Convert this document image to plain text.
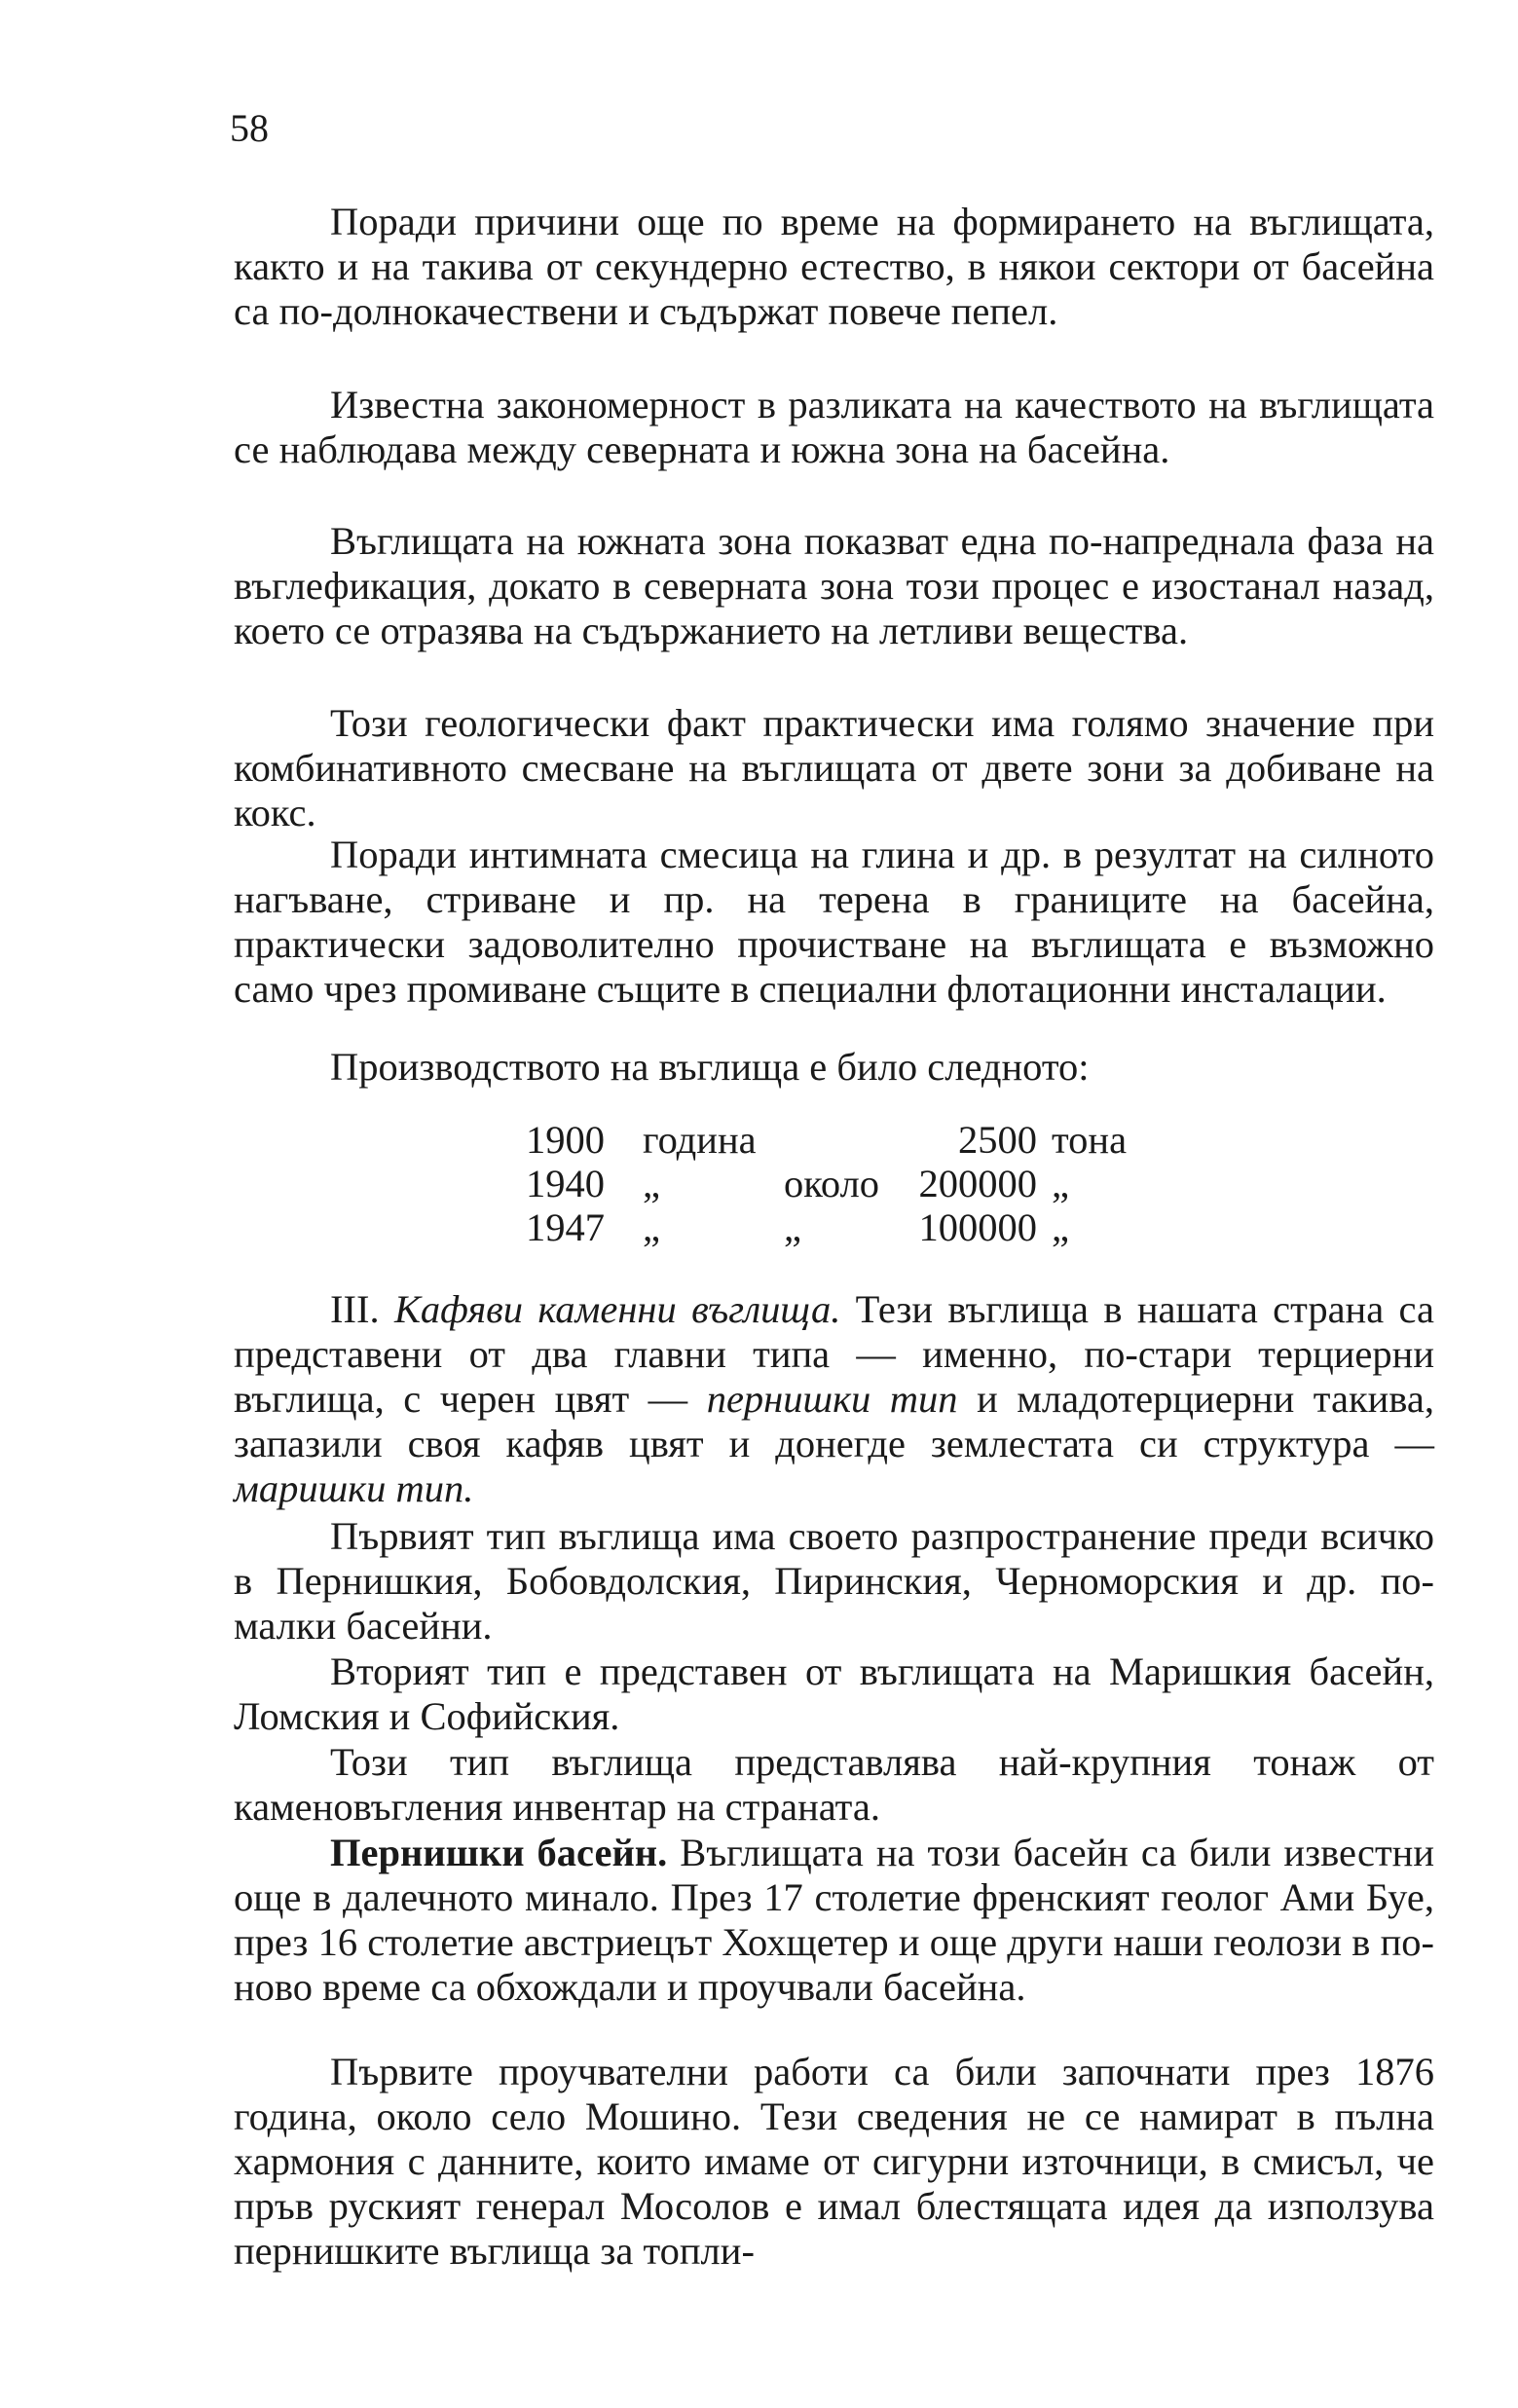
58

Поради причини още по време на формирането на въглищата, както и на такива от секундерно естество, в някои сектори от басейна са по-долнокачествени и съдържат повече пепел.

Известна закономерност в разликата на качеството на въглищата се наблюдава между северната и южна зона на басейна.

Въглищата на южната зона показват една по-напреднала фаза на въглефикация, докато в северната зона този процес е изостанал назад, което се отразява на съдържанието на летливи вещества.

Този геологически факт практически има голямо значение при комбинативното смесване на въглищата от двете зони за добиване на кокс.

Поради интимната смесица на глина и др. в резултат на силното нагъване, стриване и пр. на терена в границите на басейна, практически задоволително прочистване на въглищата е възможно само чрез промиване същите в специални флотационни инсталации.

Производството на въглища е било следното:

1900 година	2500 тона
1940 „	около 200000 „
1947 „	„	100000 „

III. Кафяви каменни въглища. Тези въглища в нашата страна са представени от два главни типа — именно, по-стари терциерни въглища, с черен цвят — пернишки тип и младотерциерни такива, запазили своя кафяв цвят и донегде землестата си структура — маришки тип.

Първият тип въглища има своето разпространение преди всичко в Пернишкия, Бобовдолския, Пиринския, Черноморския и др. по-малки басейни.

Вторият тип е представен от въглищата на Маришкия басейн, Ломския и Софийския.

Този тип въглища представлява най-крупния тонаж от каменовъгления инвентар на страната.

Пернишки басейн. Въглищата на този басейн са били известни още в далечното минало. През 17 столетие френският геолог Ами Буе, през 16 столетие австриецът Хохщетер и още други наши геолози в по-ново време са обхождали и проучвали басейна.

Първите проучвателни работи са били започнати през 1876 година, около село Мошино. Тези сведения не се намират в пълна хармония с данните, които имаме от сигурни източници, в смисъл, че пръв руският генерал Мосолов е имал блестящата идея да използува пернишките въглища за топли-
